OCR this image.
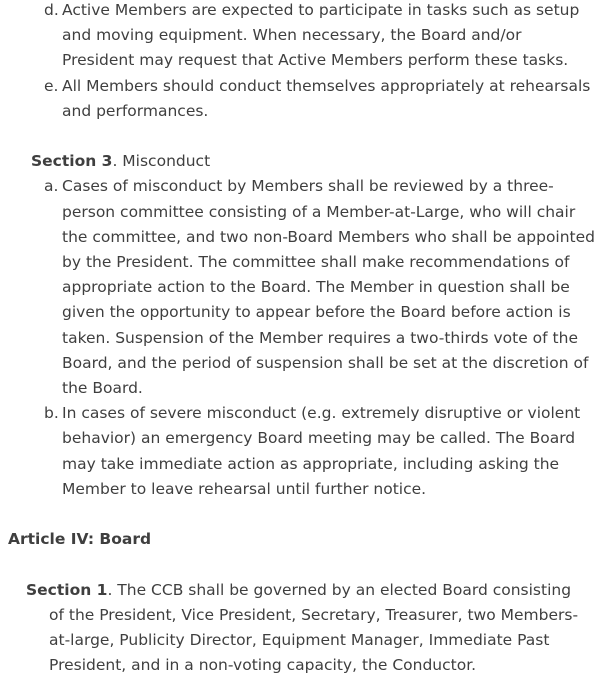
d. Active Members are expected to participate in tasks such as setup and moving equipment. When necessary, the Board and/or President may request that Active Members perform these tasks.
e. All Members should conduct themselves appropriately at rehearsals and performances.
Section 3. Misconduct
a. Cases of misconduct by Members shall be reviewed by a three-person committee consisting of a Member-at-Large, who will chair the committee, and two non-Board Members who shall be appointed by the President. The committee shall make recommendations of appropriate action to the Board. The Member in question shall be given the opportunity to appear before the Board before action is taken. Suspension of the Member requires a two-thirds vote of the Board, and the period of suspension shall be set at the discretion of the Board.
b. In cases of severe misconduct (e.g. extremely disruptive or violent behavior) an emergency Board meeting may be called. The Board may take immediate action as appropriate, including asking the Member to leave rehearsal until further notice.
Article IV: Board
Section 1. The CCB shall be governed by an elected Board consisting of the President, Vice President, Secretary, Treasurer, two Members-at-large, Publicity Director, Equipment Manager, Immediate Past President, and in a non-voting capacity, the Conductor.
